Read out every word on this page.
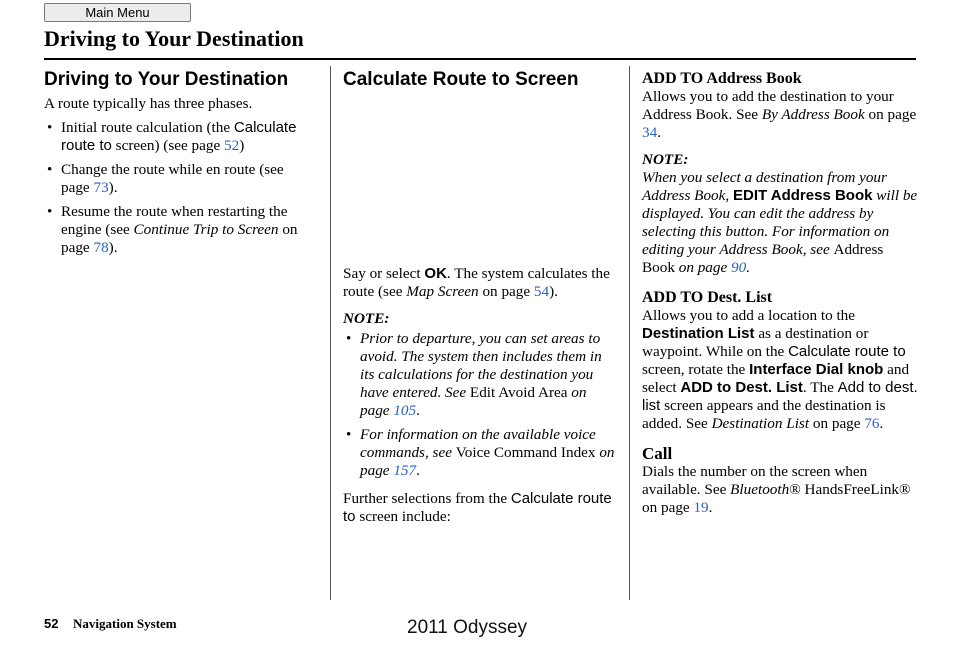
Main Menu
Driving to Your Destination
Driving to Your Destination

A route typically has three phases.

• Initial route calculation (the Calculate route to screen) (see page 52)
• Change the route while en route (see page 73).
• Resume the route when restarting the engine (see Continue Trip to Screen on page 78).
Calculate Route to Screen

Say or select OK. The system calculates the route (see Map Screen on page 54).

NOTE:

• Prior to departure, you can set areas to avoid. The system then includes them in its calculations for the destination you have entered. See Edit Avoid Area on page 105.
• For information on the available voice commands, see Voice Command Index on page 157.

Further selections from the Calculate route to screen include:

ADD TO Address Book

Allows you to add the destination to your Address Book. See By Address Book on page 34.

NOTE:

When you select a destination from your Address Book, EDIT Address Book will be displayed. You can edit the address by selecting this button. For information on editing your Address Book, see Address Book on page 90.

ADD TO Dest. List

Allows you to add a location to the Destination List as a destination or waypoint. While on the Calculate route to screen, rotate the Interface Dial knob and select ADD to Dest. List. The Add to dest. list screen appears and the destination is added. See Destination List on page 76.

Call

Dials the number on the screen when available. See Bluetooth® HandsFreeLink® on page 19.

52 Navigation System	2011 Odyssey
